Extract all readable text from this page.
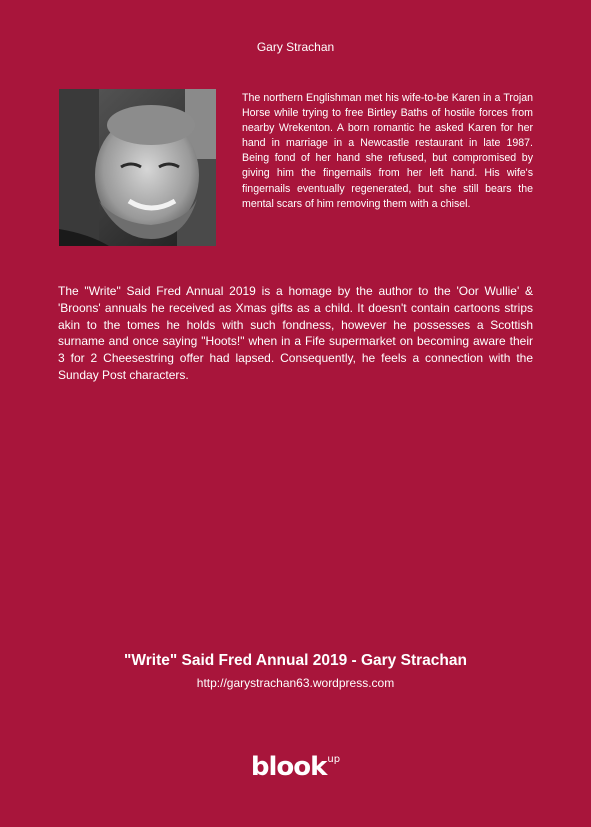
Gary Strachan

The northern Englishman met his wife-to-be Karen in a Trojan Horse while trying to free Birtley Baths of hostile forces from nearby Wrekenton. A born romantic he asked Karen for her hand in marriage in a Newcastle restaurant in late 1987. Being fond of her hand she refused, but compromised by giving him the fingernails from her left hand. His wife's fingernails eventually regenerated, but she still bears the mental scars of him removing them with a chisel.

The "Write" Said Fred Annual 2019 is a homage by the author to the 'Oor Wullie' & 'Broons' annuals he received as Xmas gifts as a child. It doesn't contain cartoons strips akin to the tomes he holds with such fondness, however he possesses a Scottish surname and once saying "Hoots!" when in a Fife supermarket on becoming aware their 3 for 2 Cheesestring offer had lapsed. Consequently, he feels a connection with the Sunday Post characters.

"Write" Said Fred Annual 2019 - Gary Strachan

http://garystrachan63.wordpress.com

blook$^{up}$
